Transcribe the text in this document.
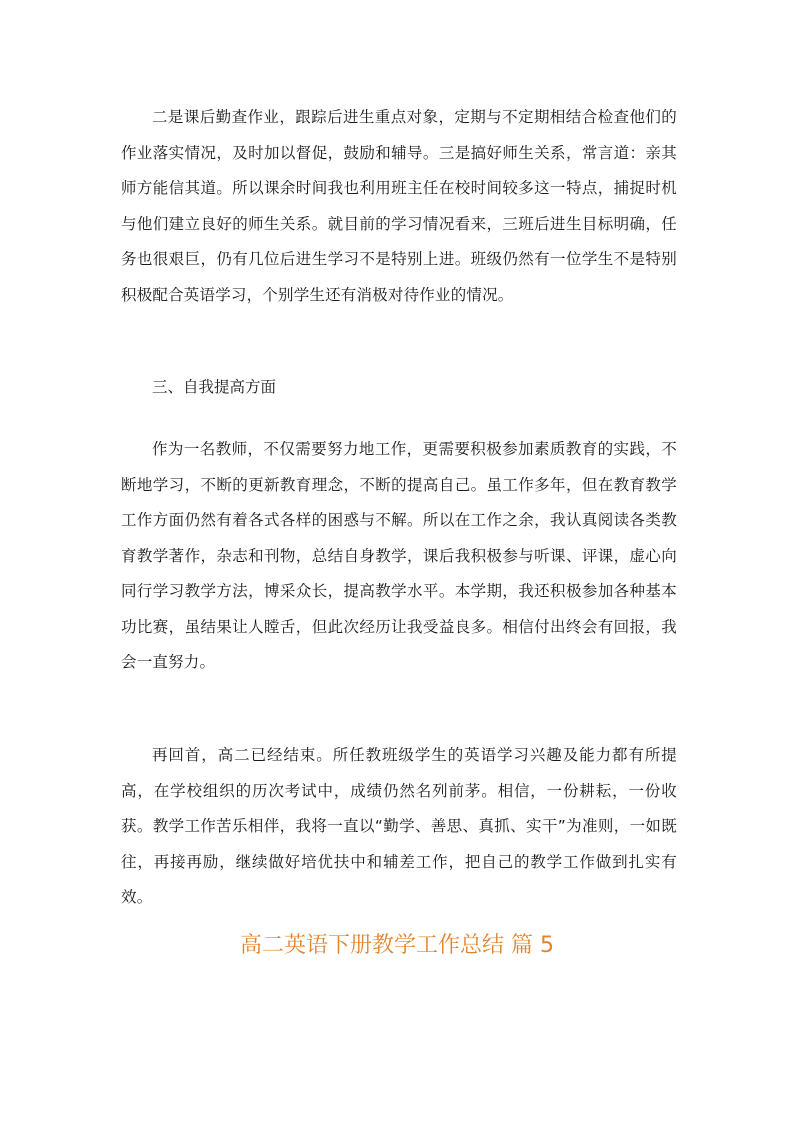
二是课后勤查作业，跟踪后进生重点对象，定期与不定期相结合检查他们的作业落实情况，及时加以督促，鼓励和辅导。三是搞好师生关系，常言道：亲其师方能信其道。所以课余时间我也利用班主任在校时间较多这一特点，捕捉时机与他们建立良好的师生关系。就目前的学习情况看来，三班后进生目标明确，任务也很艰巨，仍有几位后进生学习不是特别上进。班级仍然有一位学生不是特别积极配合英语学习，个别学生还有消极对待作业的情况。

三、自我提高方面

作为一名教师，不仅需要努力地工作，更需要积极参加素质教育的实践，不断地学习，不断的更新教育理念，不断的提高自己。虽工作多年，但在教育教学工作方面仍然有着各式各样的困惑与不解。所以在工作之余，我认真阅读各类教育教学著作，杂志和刊物，总结自身教学，课后我积极参与听课、评课，虚心向同行学习教学方法，博采众长，提高教学水平。本学期，我还积极参加各种基本功比赛，虽结果让人瞠舌，但此次经历让我受益良多。相信付出终会有回报，我会一直努力。

再回首，高二已经结束。所任教班级学生的英语学习兴趣及能力都有所提高，在学校组织的历次考试中，成绩仍然名列前茅。相信，一份耕耘，一份收获。教学工作苦乐相伴，我将一直以“勤学、善思、真抓、实干”为准则，一如既往，再接再励，继续做好培优扶中和辅差工作，把自己的教学工作做到扎实有效。

高二英语下册教学工作总结 篇 5
